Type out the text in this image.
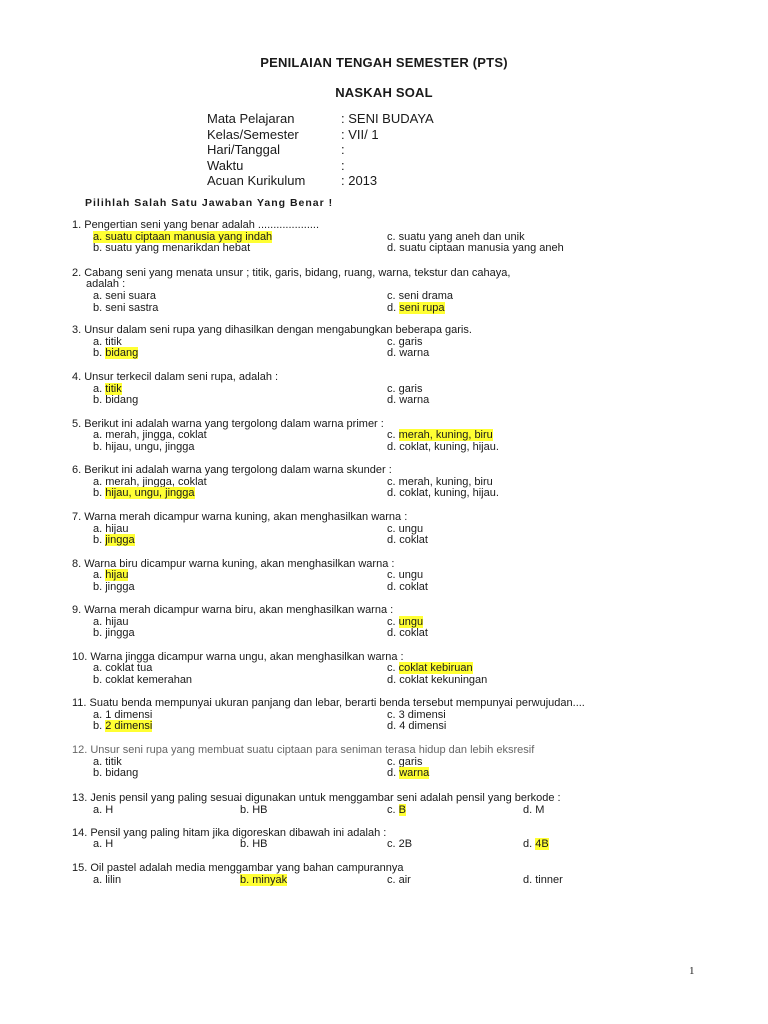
PENILAIAN TENGAH SEMESTER (PTS)
NASKAH SOAL
Mata Pelajaran	: SENI BUDAYA
Kelas/Semester	: VII/ 1
Hari/Tanggal	:
Waktu	:
Acuan Kurikulum	: 2013
Pilihlah Salah Satu Jawaban Yang Benar !
1. Pengertian seni yang benar adalah ....................
a. suatu ciptaan manusia yang indah
b. suatu yang menarikdan hebat
c. suatu yang aneh dan unik
d. suatu ciptaan manusia yang aneh
2. Cabang seni yang menata unsur ; titik, garis, bidang, ruang, warna, tekstur dan cahaya,
adalah :
a. seni suara
b. seni sastra
c. seni drama
d. seni rupa
3. Unsur dalam seni rupa yang dihasilkan dengan mengabungkan beberapa garis.
a. titik
b. bidang
c. garis
d. warna
4. Unsur terkecil dalam seni rupa, adalah :
a. titik
b. bidang
c. garis
d. warna
5. Berikut ini adalah warna yang tergolong dalam warna primer :
a. merah, jingga, coklat
b. hijau, ungu, jingga
c. merah, kuning, biru
d. coklat, kuning, hijau.
6. Berikut ini adalah warna yang tergolong dalam warna skunder :
a. merah, jingga, coklat
b. hijau, ungu, jingga
c. merah, kuning, biru
d. coklat, kuning, hijau.
7. Warna merah dicampur warna kuning, akan menghasilkan warna :
a. hijau
b. jingga
c. ungu
d. coklat
8. Warna biru dicampur warna kuning, akan menghasilkan warna :
a. hijau
b. jingga
c. ungu
d. coklat
9. Warna merah dicampur warna biru, akan menghasilkan warna :
a. hijau
b. jingga
c. ungu
d. coklat
10. Warna jingga dicampur warna ungu, akan menghasilkan warna :
a. coklat tua
b. coklat kemerahan
c. coklat kebiruan
d. coklat kekuningan
11. Suatu benda mempunyai ukuran panjang dan lebar, berarti benda tersebut mempunyai perwujudan....
a. 1 dimensi
b. 2 dimensi
c. 3 dimensi
d. 4 dimensi
12. Unsur seni rupa yang membuat suatu ciptaan para seniman terasa hidup dan lebih eksresif
a. titik
b. bidang
c. garis
d. warna
13. Jenis pensil yang paling sesuai digunakan untuk menggambar seni adalah pensil yang berkode :
a. H	b. HB	c. B	d. M
14. Pensil yang paling hitam jika digoreskan dibawah ini adalah :
a. H	b. HB	c. 2B	d. 4B
15. Oil pastel adalah media menggambar yang bahan campurannya
a. lilin	b. minyak	c. air	d. tinner
1
